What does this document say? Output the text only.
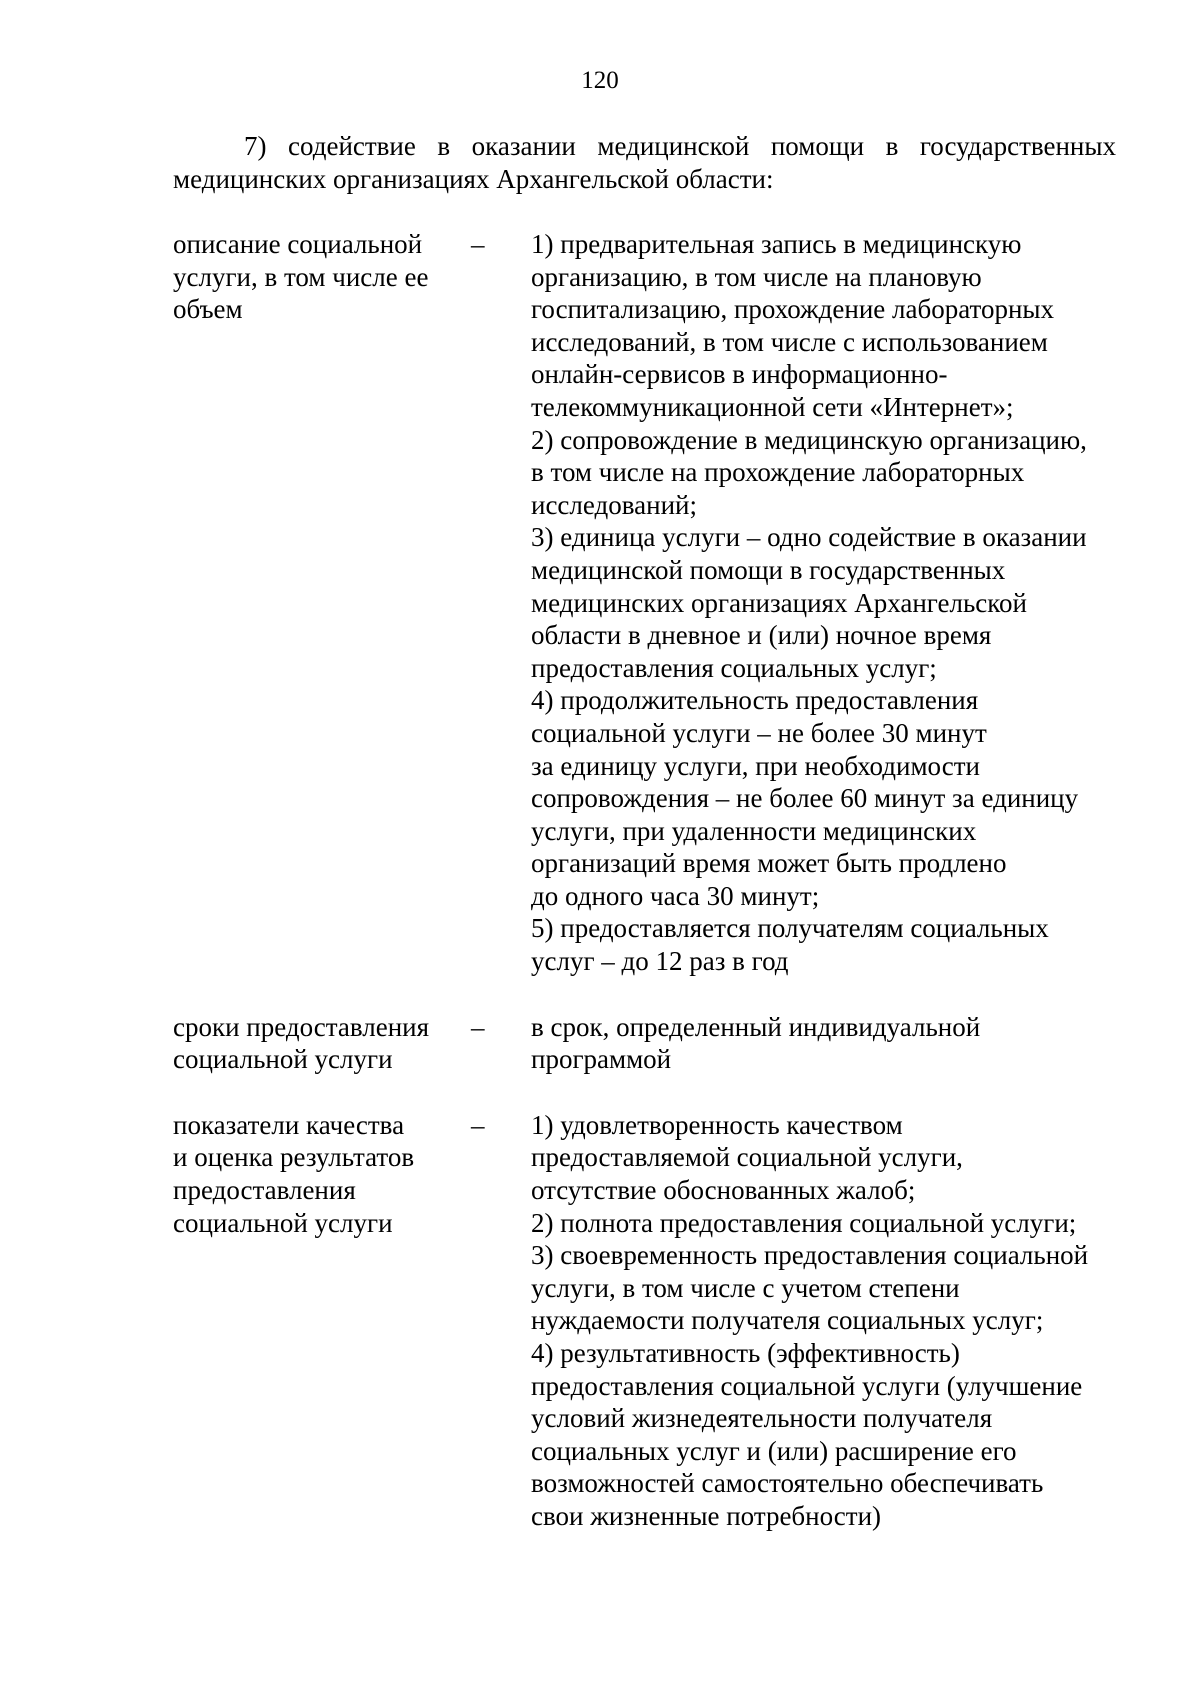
120
7) содействие в оказании медицинской помощи в государственных медицинских организациях Архангельской области:
описание социальной
услуги, в том числе ее
объем
–	1) предварительная запись в медицинскую
организацию, в том числе на плановую
госпитализацию, прохождение лабораторных
исследований, в том числе с использованием
онлайн-сервисов в информационно-
телекоммуникационной сети «Интернет»;
2) сопровождение в медицинскую организацию,
в том числе на прохождение лабораторных
исследований;
3) единица услуги – одно содействие в оказании
медицинской помощи в государственных
медицинских организациях Архангельской
области в дневное и (или) ночное время
предоставления социальных услуг;
4) продолжительность предоставления
социальной услуги – не более 30 минут
за единицу услуги, при необходимости
сопровождения – не более 60 минут за единицу
услуги, при удаленности медицинских
организаций время может быть продлено
до одного часа 30 минут;
5) предоставляется получателям социальных
услуг – до 12 раз в год
сроки предоставления
социальной услуги
–	в срок, определенный индивидуальной
программой
показатели качества
и оценка результатов
предоставления
социальной услуги
–	1) удовлетворенность качеством
предоставляемой социальной услуги,
отсутствие обоснованных жалоб;
2) полнота предоставления социальной услуги;
3) своевременность предоставления социальной
услуги, в том числе с учетом степени
нуждаемости получателя социальных услуг;
4) результативность (эффективность)
предоставления социальной услуги (улучшение
условий жизнедеятельности получателя
социальных услуг и (или) расширение его
возможностей самостоятельно обеспечивать
свои жизненные потребности)
